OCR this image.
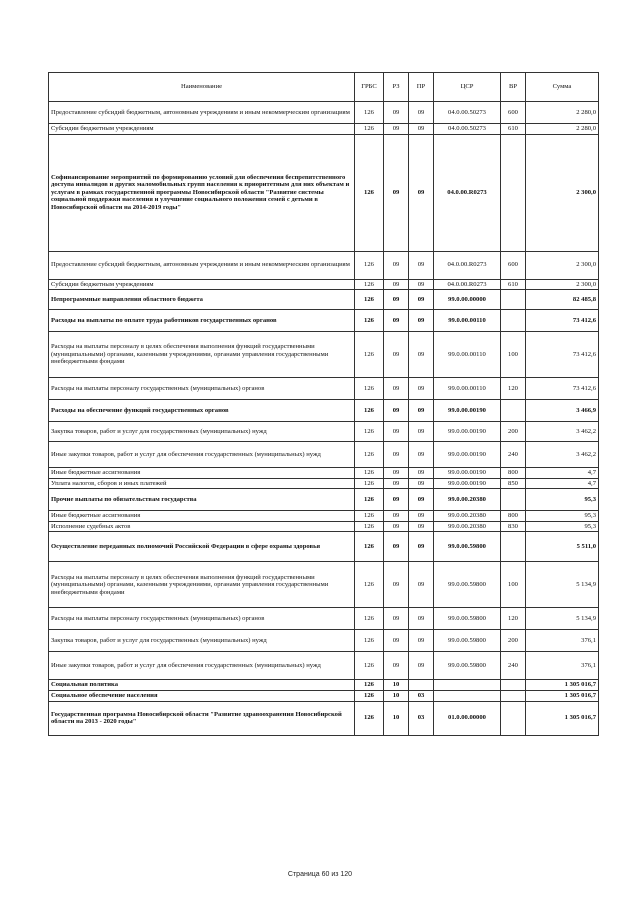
Наименование	ГРБС	РЗ	ПР	ЦСР	ВР	Сумма
Предоставление субсидий бюджетным, автономным учреждениям и иным некоммерческим организациям	126	09	09	04.0.00.50273	600	2 280,0
Субсидии бюджетным учреждениям	126	09	09	04.0.00.50273	610	2 280,0
Софинансирование мероприятий по формированию условий для обеспечения беспрепятственного доступа инвалидов и других маломобильных групп населения к приоритетным для них объектам и услугам в рамках государственной программы Новосибирской области "Развитие системы социальной поддержки населения и улучшение социального положения семей с детьми в Новосибирской области на 2014-2019 годы"	126	09	09	04.0.00.R0273		2 300,0
Предоставление субсидий бюджетным, автономным учреждениям и иным некоммерческим организациям	126	09	09	04.0.00.R0273	600	2 300,0
Субсидии бюджетным учреждениям	126	09	09	04.0.00.R0273	610	2 300,0
Непрограммные направления областного бюджета	126	09	09	99.0.00.00000		82 485,8
Расходы на выплаты по оплате труда работников государственных органов	126	09	09	99.0.00.00110		73 412,6
Расходы на выплаты персоналу в целях обеспечения выполнения функций государственными (муниципальными) органами, казенными учреждениями, органами управления государственными внебюджетными фондами	126	09	09	99.0.00.00110	100	73 412,6
Расходы на выплаты персоналу государственных (муниципальных) органов	126	09	09	99.0.00.00110	120	73 412,6
Расходы на обеспечение функций государственных органов	126	09	09	99.0.00.00190		3 466,9
Закупка товаров, работ и услуг для государственных (муниципальных) нужд	126	09	09	99.0.00.00190	200	3 462,2
Иные закупки товаров, работ и услуг для обеспечения государственных (муниципальных) нужд	126	09	09	99.0.00.00190	240	3 462,2
Иные бюджетные ассигнования	126	09	09	99.0.00.00190	800	4,7
Уплата налогов, сборов и иных платежей	126	09	09	99.0.00.00190	850	4,7
Прочие выплаты по обязательствам государства	126	09	09	99.0.00.20380		95,3
Иные бюджетные ассигнования	126	09	09	99.0.00.20380	800	95,3
Исполнение судебных актов	126	09	09	99.0.00.20380	830	95,3
Осуществление переданных полномочий Российской Федерации в сфере охраны здоровья	126	09	09	99.0.00.59800		5 511,0
Расходы на выплаты персоналу в целях обеспечения выполнения функций государственными (муниципальными) органами, казенными учреждениями, органами управления государственными внебюджетными фондами	126	09	09	99.0.00.59800	100	5 134,9
Расходы на выплаты персоналу государственных (муниципальных) органов	126	09	09	99.0.00.59800	120	5 134,9
Закупка товаров, работ и услуг для государственных (муниципальных) нужд	126	09	09	99.0.00.59800	200	376,1
Иные закупки товаров, работ и услуг для обеспечения государственных (муниципальных) нужд	126	09	09	99.0.00.59800	240	376,1
Социальная политика	126	10				1 305 016,7
Социальное обеспечение населения	126	10	03			1 305 016,7
Государственная программа Новосибирской области "Развитие здравоохранения Новосибирской области на 2013 - 2020 годы"	126	10	03	01.0.00.00000		1 305 016,7
Страница 60 из 120
